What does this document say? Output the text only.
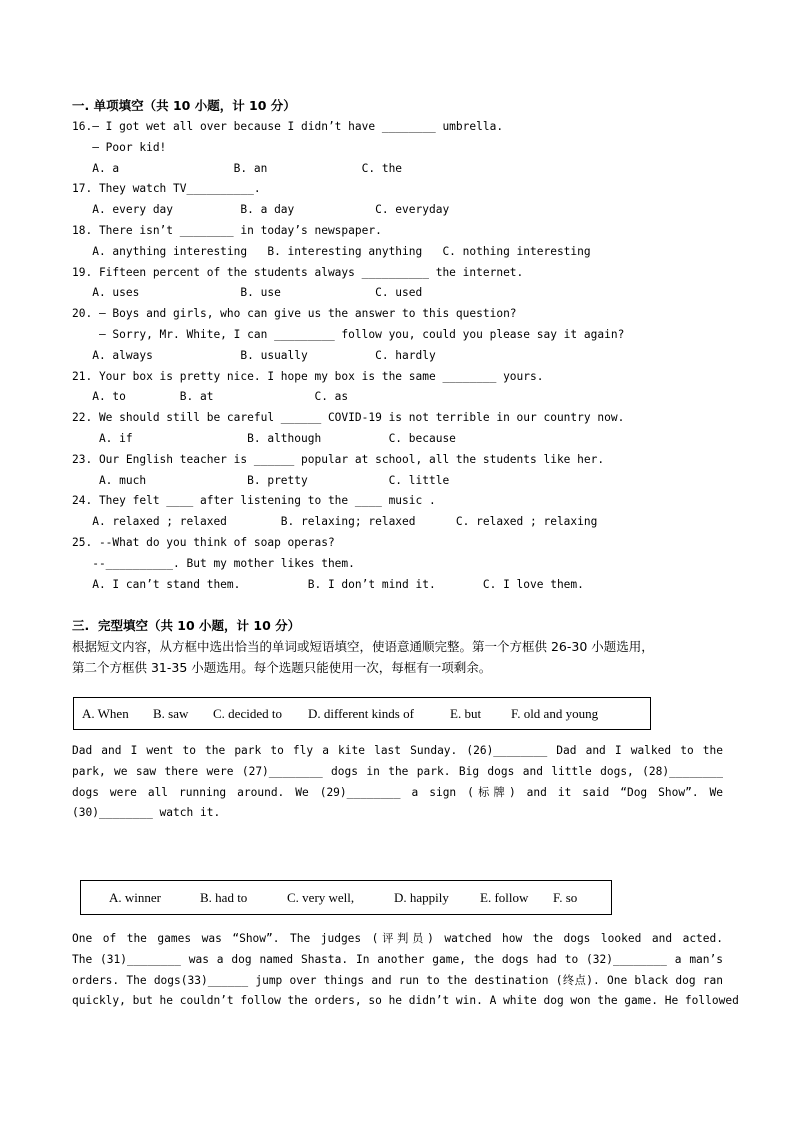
一. 单项填空（共 10 小题，计 10 分）
16.— I got wet all over because I didn’t have ________ umbrella.
— Poor kid!
A. a                 B. an              C. the
17. They watch TV__________.
A. every day          B. a day            C. everyday
18. There isn’t ________ in today’s newspaper.
A. anything interesting   B. interesting anything   C. nothing interesting
19. Fifteen percent of the students always __________ the internet.
A. uses               B. use              C. used
20. — Boys and girls, who can give us the answer to this question?
— Sorry, Mr. White, I can _________ follow you, could you please say it again?
A. always             B. usually          C. hardly
21. Your box is pretty nice. I hope my box is the same ________ yours.
A. to        B. at               C. as
22. We should still be careful ______ COVID-19 is not terrible in our country now.
A. if                 B. although          C. because
23. Our English teacher is ______ popular at school, all the students like her.
A. much               B. pretty            C. little
24. They felt ____ after listening to the ____ music .
A. relaxed ; relaxed        B. relaxing; relaxed      C. relaxed ; relaxing
25. --What do you think of soap operas?
--__________. But my mother likes them.
A. I can’t stand them.          B. I don’t mind it.       C. I love them.
三.  完型填空（共 10 小题，计 10 分）
根据短文内容，从方框中选出恰当的单词或短语填空，使语意通顺完整。第一个方框供 26-30 小题选用，
第二个方框供 31-35 小题选用。每个选题只能使用一次，每框有一项剩余。
A. When B. saw C. decided to D. different kinds of	E. but F. old and young
Dad and I went to the park to fly a kite last Sunday. (26)________ Dad and I walked to the
park, we saw there were (27)________ dogs in the park. Big dogs and little dogs, (28)________
dogs were all running around. We (29)________ a sign (标牌) and it said “Dog Show”. We
(30)________ watch it.
A. winner	B. had to	C. very well,	D. happily E. follow F. so
One of the games was “Show”. The judges (评判员) watched how the dogs looked and acted.
The (31)________ was a dog named Shasta. In another game, the dogs had to (32)________ a man’s
orders. The dogs(33)______ jump over things and run to the destination (终点). One black dog ran
quickly, but he couldn’t follow the orders, so he didn’t win. A white dog won the game. He followed
